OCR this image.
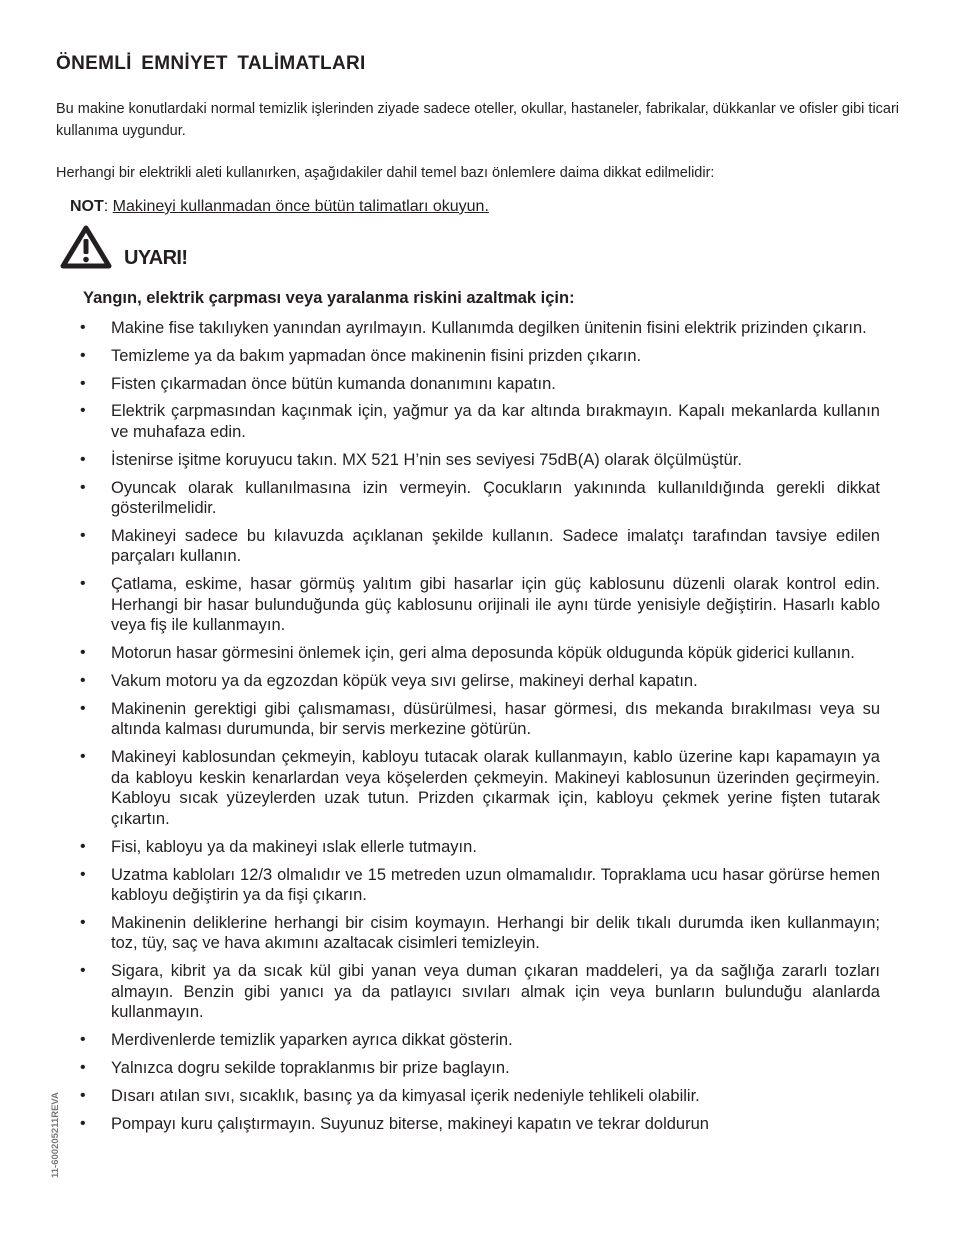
ÖNEMLİ EMNİYET TALİMATLARI

Bu makine konutlardaki normal temizlik işlerinden ziyade sadece oteller, okullar, hastaneler, fabrikalar, dükkanlar ve ofisler gibi ticari kullanıma uygundur.

Herhangi bir elektrikli aleti kullanırken, aşağıdakiler dahil temel bazı önlemlere daima dikkat edilmelidir:

NOT: Makineyi kullanmadan önce bütün talimatları okuyun.

UYARI!

Yangın, elektrik çarpması veya yaralanma riskini azaltmak için:

• Makine fise takılıyken yanından ayrılmayın. Kullanımda degilken ünitenin fisini elektrik prizinden çıkarın.
• Temizleme ya da bakım yapmadan önce makinenin fisini prizden çıkarın.
• Fisten çıkarmadan önce bütün kumanda donanımını kapatın.
• Elektrik çarpmasından kaçınmak için, yağmur ya da kar altında bırakmayın. Kapalı mekanlarda kullanın ve muhafaza edin.
• İstenirse işitme koruyucu takın. MX 521 H’nin ses seviyesi 75dB(A) olarak ölçülmüştür.
• Oyuncak olarak kullanılmasına izin vermeyin. Çocukların yakınında kullanıldığında gerekli dikkat gösterilmelidir.
• Makineyi sadece bu kılavuzda açıklanan şekilde kullanın. Sadece imalatçı tarafından tavsiye edilen parçaları kullanın.
• Çatlama, eskime, hasar görmüş yalıtım gibi hasarlar için güç kablosunu düzenli olarak kontrol edin. Herhangi bir hasar bulunduğunda güç kablosunu orijinali ile aynı türde yenisiyle değiştirin. Hasarlı kablo veya fiş ile kullanmayın.
• Motorun hasar görmesini önlemek için, geri alma deposunda köpük oldugunda köpük giderici kullanın.
• Vakum motoru ya da egzozdan köpük veya sıvı gelirse, makineyi derhal kapatın.
• Makinenin gerektigi gibi çalısmaması, düsürülmesi, hasar görmesi, dıs mekanda bırakılması veya su altında kalması durumunda, bir servis merkezine götürün.
• Makineyi kablosundan çekmeyin, kabloyu tutacak olarak kullanmayın, kablo üzerine kapı kapamayın ya da kabloyu keskin kenarlardan veya köşelerden çekmeyin. Makineyi kablosunun üzerinden geçirmeyin. Kabloyu sıcak yüzeylerden uzak tutun. Prizden çıkarmak için, kabloyu çekmek yerine fişten tutarak çıkartın.
• Fisi, kabloyu ya da makineyi ıslak ellerle tutmayın.
• Uzatma kabloları 12/3 olmalıdır ve 15 metreden uzun olmamalıdır. Topraklama ucu hasar görürse hemen kabloyu değiştirin ya da fişi çıkarın.
• Makinenin deliklerine herhangi bir cisim koymayın. Herhangi bir delik tıkalı durumda iken kullanmayın; toz, tüy, saç ve hava akımını azaltacak cisimleri temizleyin.
• Sigara, kibrit ya da sıcak kül gibi yanan veya duman çıkaran maddeleri, ya da sağlığa zararlı tozları almayın. Benzin gibi yanıcı ya da patlayıcı sıvıları almak için veya bunların bulunduğu alanlarda kullanmayın.
• Merdivenlerde temizlik yaparken ayrıca dikkat gösterin.
• Yalnızca dogru sekilde topraklanmıs bir prize baglayın.
• Dısarı atılan sıvı, sıcaklık, basınç ya da kimyasal içerik nedeniyle tehlikeli olabilir.
• Pompayı kuru çalıştırmayın. Suyunuz biterse, makineyi kapatın ve tekrar doldurun
11-600205211REVA
